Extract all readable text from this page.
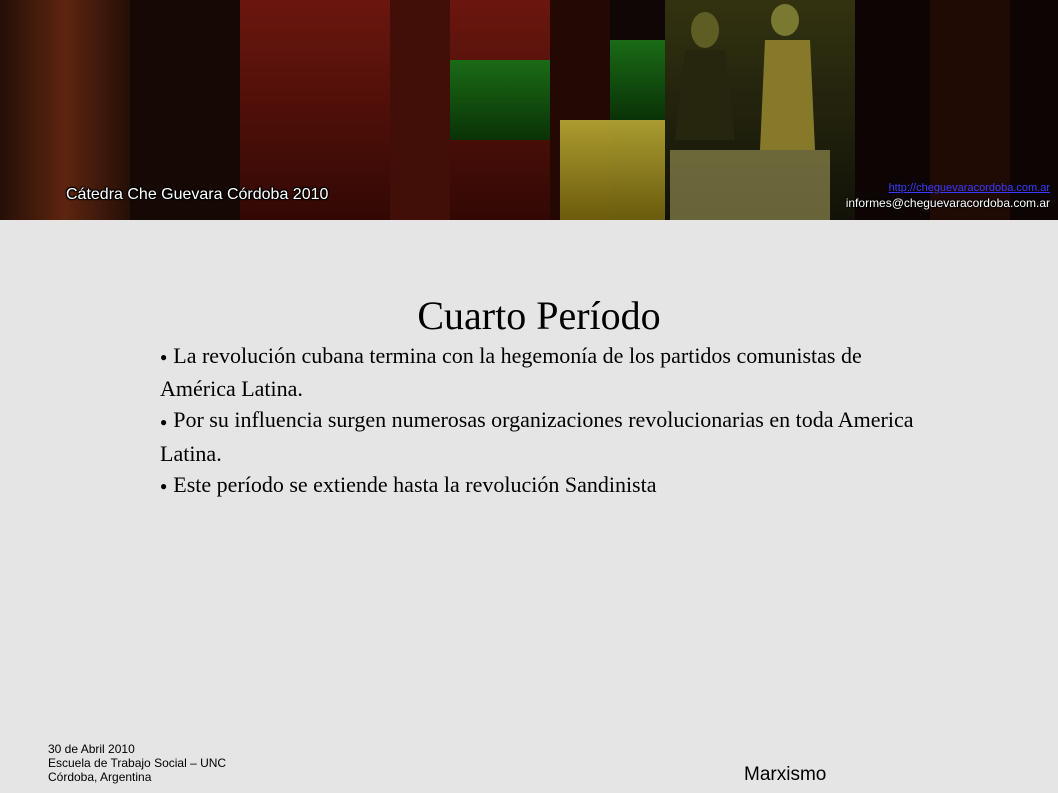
Cátedra Che Guevara Córdoba 2010	http://cheguevaracordoba.com.ar
informes@cheguevaracordoba.com.ar
Cuarto Período

● La revolución cubana termina con la hegemonía de los partidos comunistas de América Latina.

● Por su influencia surgen numerosas organizaciones revolucionarias en toda America Latina.

● Este período se extiende hasta la revolución Sandinista

30 de Abril 2010
Escuela de Trabajo Social – UNC
Córdoba, Argentina	Marxismo
